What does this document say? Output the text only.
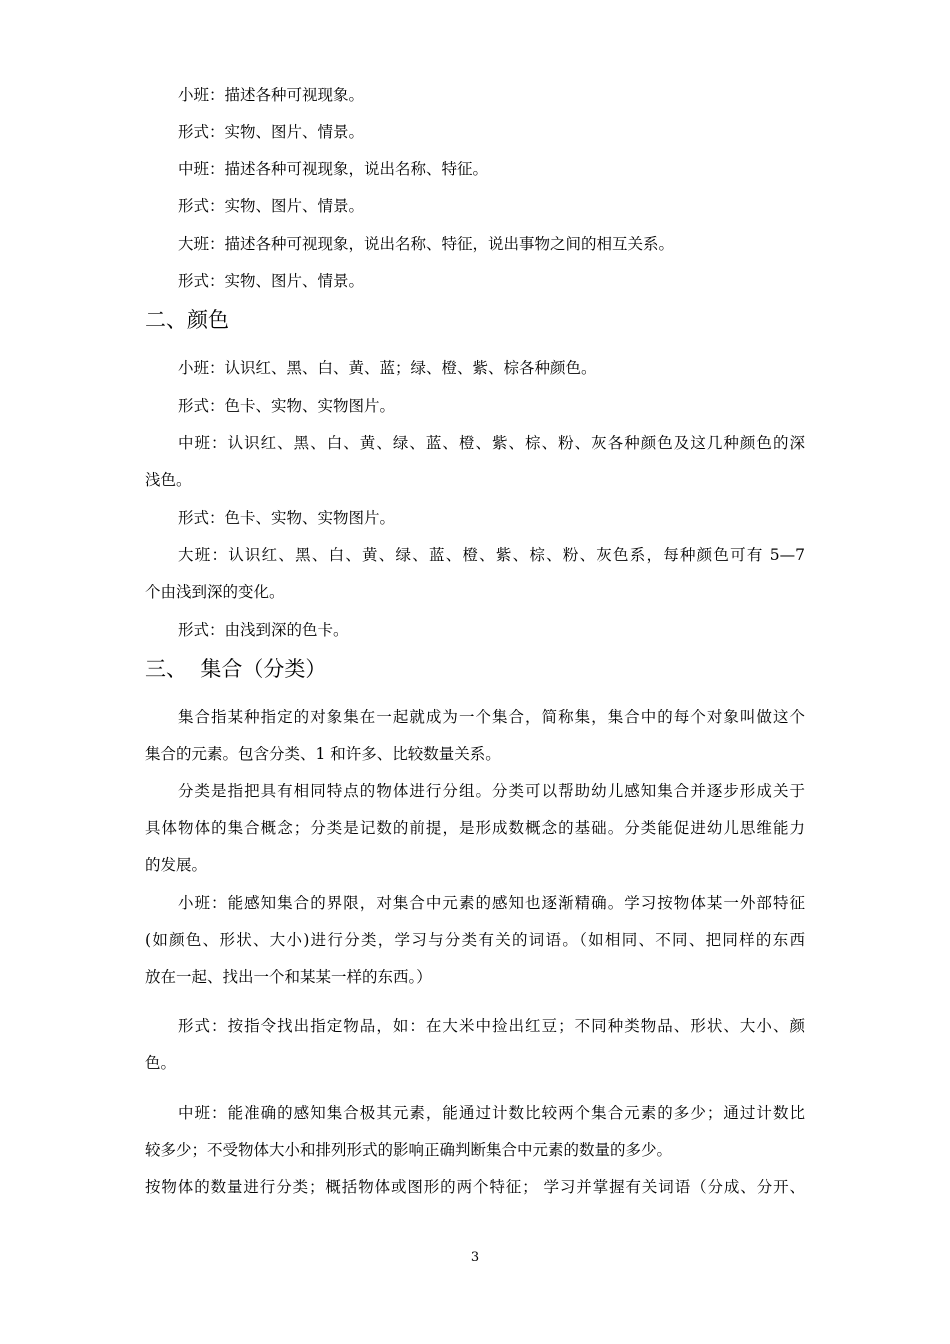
小班：描述各种可视现象。
形式：实物、图片、情景。
中班：描述各种可视现象，说出名称、特征。
形式：实物、图片、情景。
大班：描述各种可视现象，说出名称、特征，说出事物之间的相互关系。
形式：实物、图片、情景。
二、颜色
小班：认识红、黑、白、黄、蓝；绿、橙、紫、棕各种颜色。
形式：色卡、实物、实物图片。
中班：认识红、黑、白、黄、绿、蓝、橙、紫、棕、粉、灰各种颜色及这几种颜色的深
浅色。
形式：色卡、实物、实物图片。
大班：认识红、黑、白、黄、绿、蓝、橙、紫、棕、粉、灰色系，每种颜色可有 5—7
个由浅到深的变化。
形式：由浅到深的色卡。
三、  集合（分类）
集合指某种指定的对象集在一起就成为一个集合，简称集，集合中的每个对象叫做这个
集合的元素。包含分类、1 和许多、比较数量关系。
分类是指把具有相同特点的物体进行分组。分类可以帮助幼儿感知集合并逐步形成关于
具体物体的集合概念；分类是记数的前提，是形成数概念的基础。分类能促进幼儿思维能力
的发展。
小班：能感知集合的界限，对集合中元素的感知也逐渐精确。学习按物体某一外部特征
(如颜色、形状、大小)进行分类，学习与分类有关的词语。（如相同、不同、把同样的东西
放在一起、找出一个和某某一样的东西。）
形式：按指令找出指定物品，如：在大米中捡出红豆；不同种类物品、形状、大小、颜
色。
中班：能准确的感知集合极其元素，能通过计数比较两个集合元素的多少；通过计数比
较多少；不受物体大小和排列形式的影响正确判断集合中元素的数量的多少。
按物体的数量进行分类；概括物体或图形的两个特征； 学习并掌握有关词语（分成、分开、
3
